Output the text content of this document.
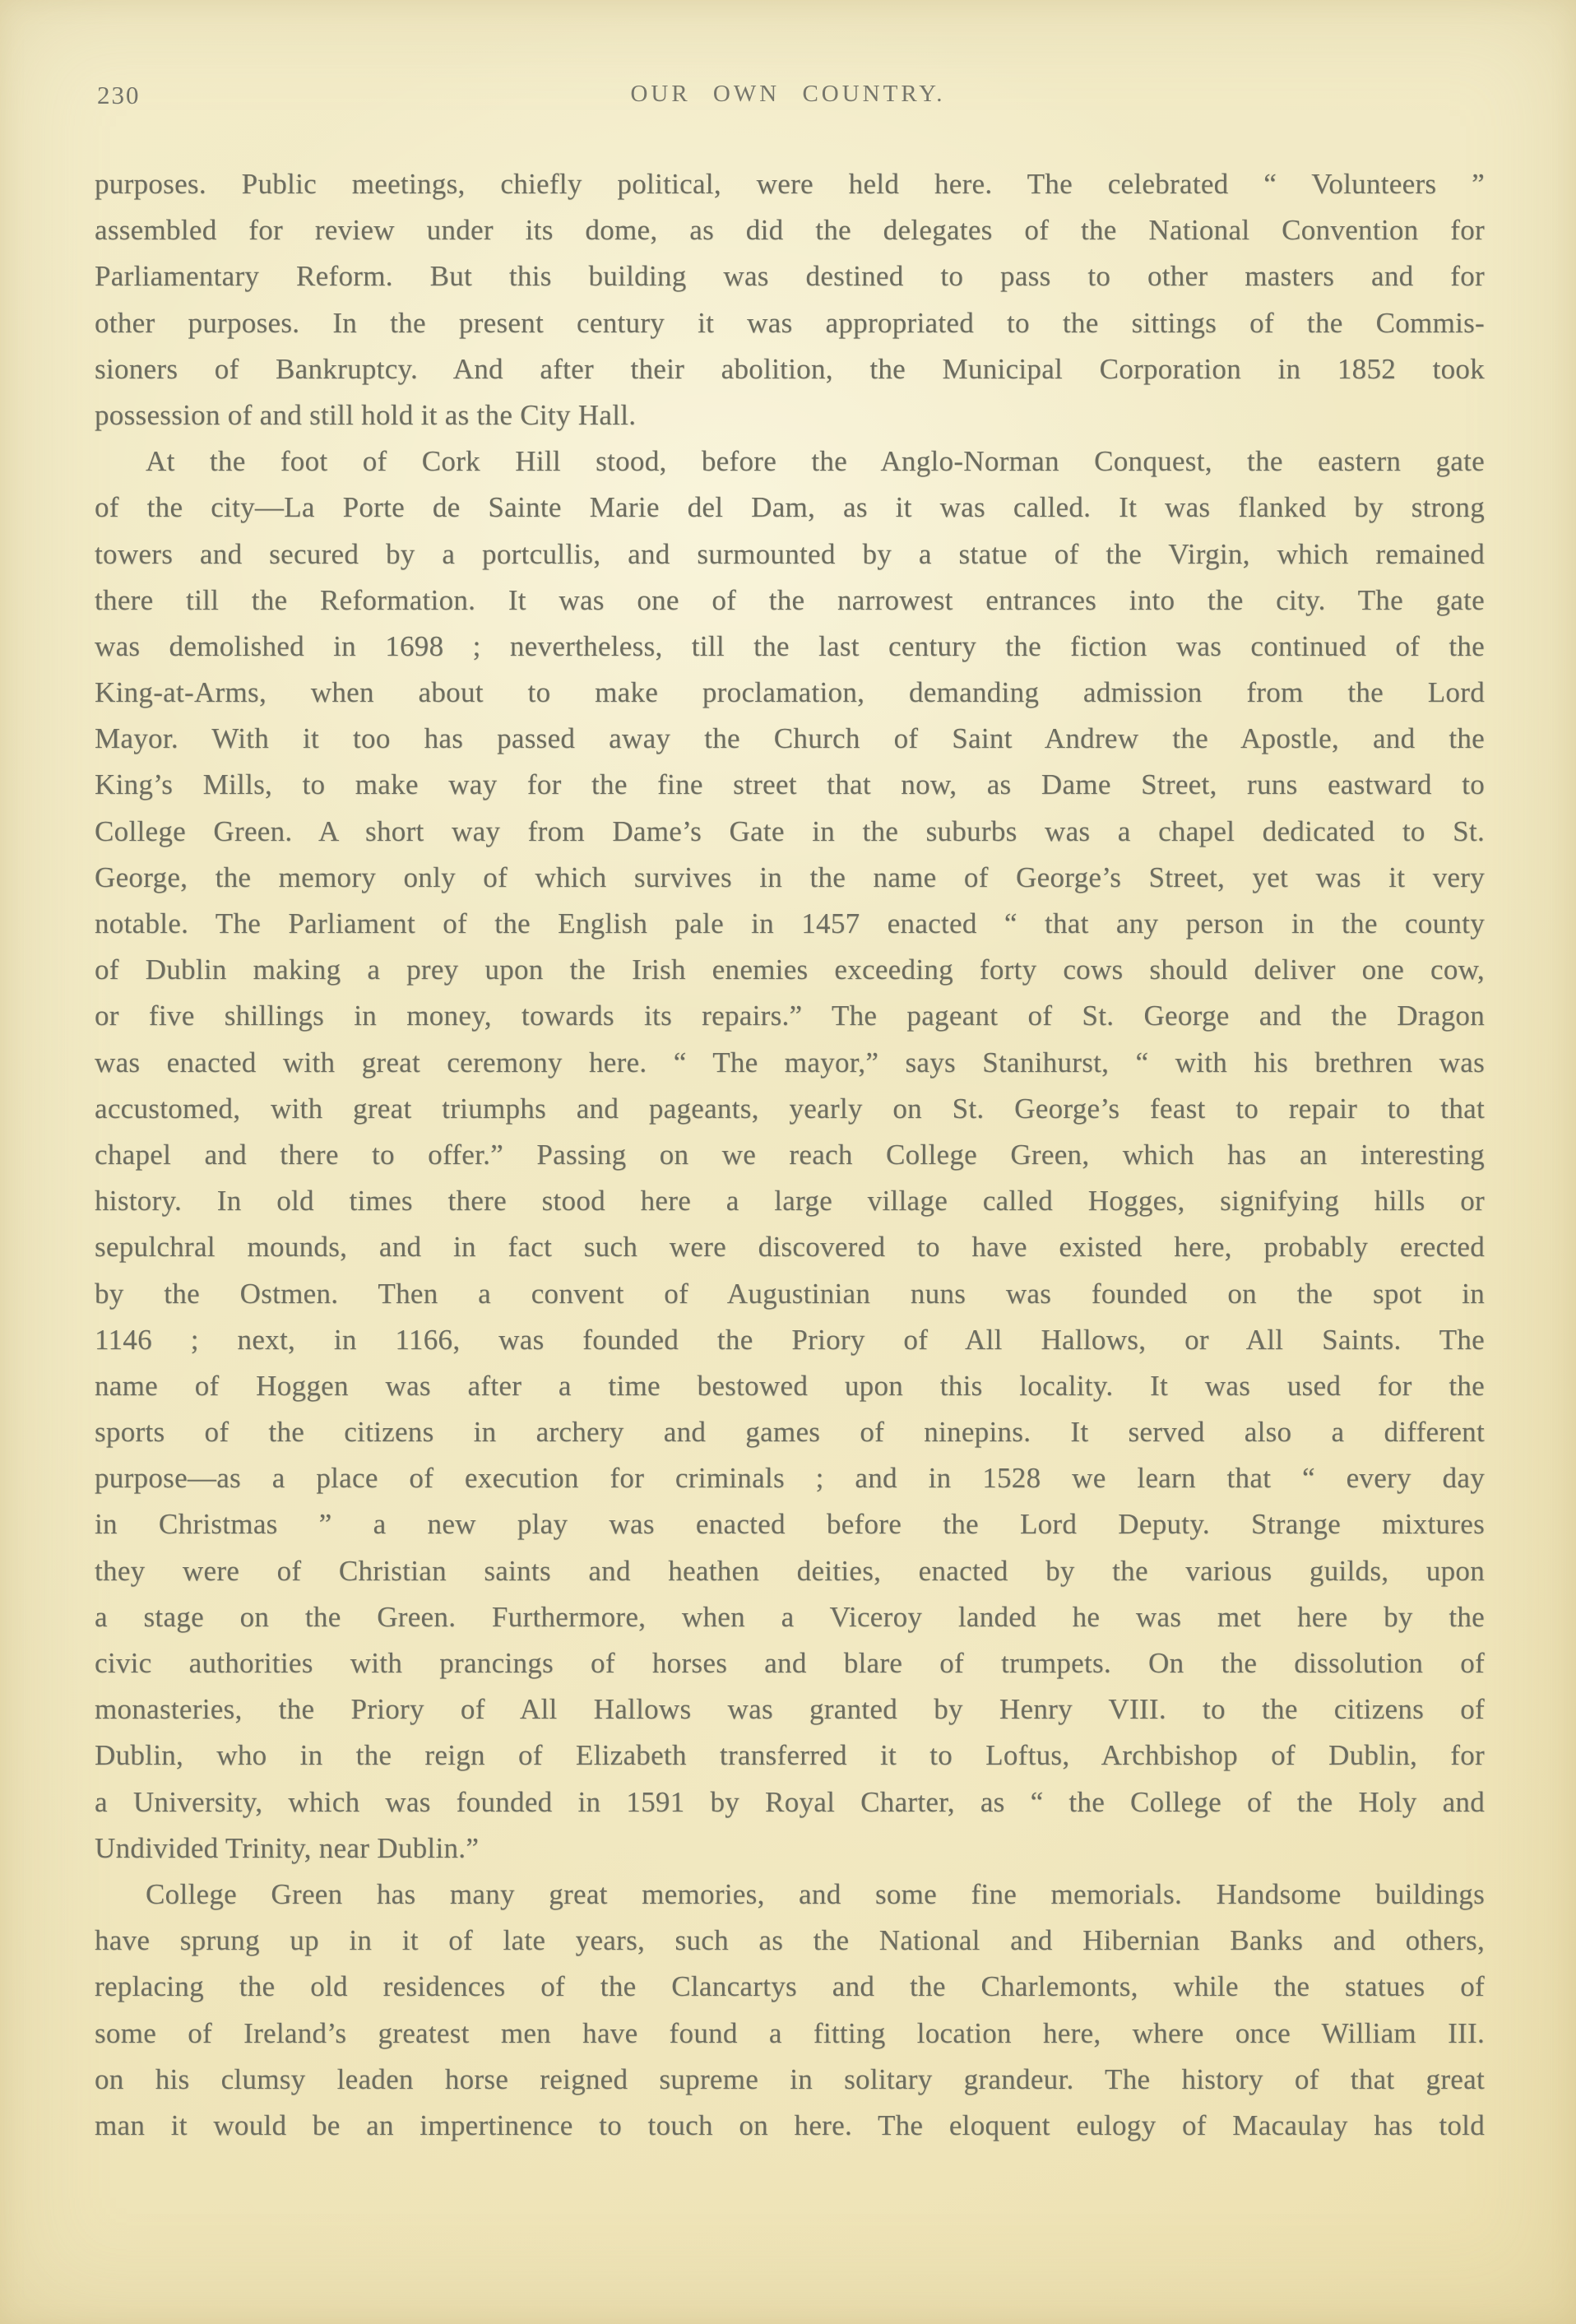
230	OUR OWN COUNTRY.
purposes. Public meetings, chiefly political, were held here. The celebrated “ Volunteers ”
assembled for review under its dome, as did the delegates of the National Convention for
Parliamentary Reform. But this building was destined to pass to other masters and for
other purposes. In the present century it was appropriated to the sittings of the Commis-
sioners of Bankruptcy. And after their abolition, the Municipal Corporation in 1852 took
possession of and still hold it as the City Hall.
At the foot of Cork Hill stood, before the Anglo-Norman Conquest, the eastern gate
of the city—La Porte de Sainte Marie del Dam, as it was called. It was flanked by strong
towers and secured by a portcullis, and surmounted by a statue of the Virgin, which remained
there till the Reformation. It was one of the narrowest entrances into the city. The gate
was demolished in 1698 ; nevertheless, till the last century the fiction was continued of the
King-at-Arms, when about to make proclamation, demanding admission from the Lord
Mayor. With it too has passed away the Church of Saint Andrew the Apostle, and the
King’s Mills, to make way for the fine street that now, as Dame Street, runs eastward to
College Green. A short way from Dame’s Gate in the suburbs was a chapel dedicated to St.
George, the memory only of which survives in the name of George’s Street, yet was it very
notable. The Parliament of the English pale in 1457 enacted “ that any person in the county
of Dublin making a prey upon the Irish enemies exceeding forty cows should deliver one cow,
or five shillings in money, towards its repairs.” The pageant of St. George and the Dragon
was enacted with great ceremony here. “ The mayor,” says Stanihurst, “ with his brethren was
accustomed, with great triumphs and pageants, yearly on St. George’s feast to repair to that
chapel and there to offer.” Passing on we reach College Green, which has an interesting
history. In old times there stood here a large village called Hogges, signifying hills or
sepulchral mounds, and in fact such were discovered to have existed here, probably erected
by the Ostmen. Then a convent of Augustinian nuns was founded on the spot in
1146 ; next, in 1166, was founded the Priory of All Hallows, or All Saints. The
name of Hoggen was after a time bestowed upon this locality. It was used for the
sports of the citizens in archery and games of ninepins. It served also a different
purpose—as a place of execution for criminals ; and in 1528 we learn that “ every day
in Christmas ” a new play was enacted before the Lord Deputy. Strange mixtures
they were of Christian saints and heathen deities, enacted by the various guilds, upon
a stage on the Green. Furthermore, when a Viceroy landed he was met here by the
civic authorities with prancings of horses and blare of trumpets. On the dissolution of
monasteries, the Priory of All Hallows was granted by Henry VIII. to the citizens of
Dublin, who in the reign of Elizabeth transferred it to Loftus, Archbishop of Dublin, for
a University, which was founded in 1591 by Royal Charter, as “ the College of the Holy and
Undivided Trinity, near Dublin.”
College Green has many great memories, and some fine memorials. Handsome buildings
have sprung up in it of late years, such as the National and Hibernian Banks and others,
replacing the old residences of the Clancartys and the Charlemonts, while the statues of
some of Ireland’s greatest men have found a fitting location here, where once William III.
on his clumsy leaden horse reigned supreme in solitary grandeur. The history of that great
man it would be an impertinence to touch on here. The eloquent eulogy of Macaulay has told
